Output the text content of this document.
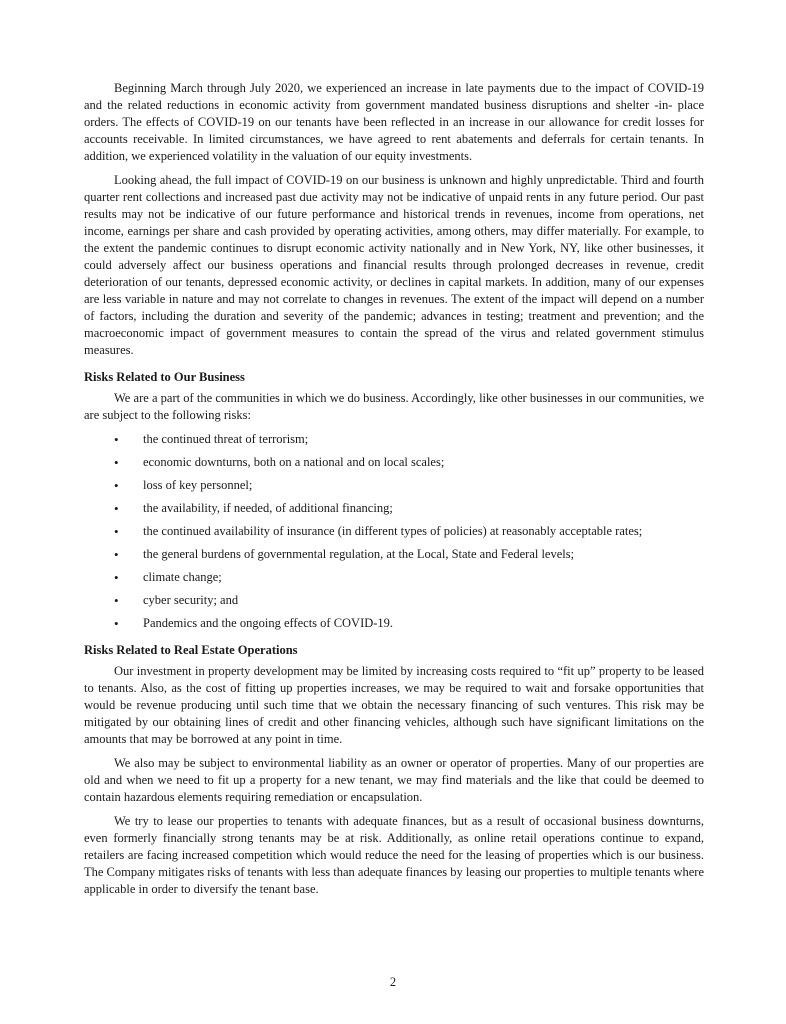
Beginning March through July 2020, we experienced an increase in late payments due to the impact of COVID-19 and the related reductions in economic activity from government mandated business disruptions and shelter -in- place orders. The effects of COVID-19 on our tenants have been reflected in an increase in our allowance for credit losses for accounts receivable. In limited circumstances, we have agreed to rent abatements and deferrals for certain tenants. In addition, we experienced volatility in the valuation of our equity investments.

Looking ahead, the full impact of COVID-19 on our business is unknown and highly unpredictable. Third and fourth quarter rent collections and increased past due activity may not be indicative of unpaid rents in any future period. Our past results may not be indicative of our future performance and historical trends in revenues, income from operations, net income, earnings per share and cash provided by operating activities, among others, may differ materially. For example, to the extent the pandemic continues to disrupt economic activity nationally and in New York, NY, like other businesses, it could adversely affect our business operations and financial results through prolonged decreases in revenue, credit deterioration of our tenants, depressed economic activity, or declines in capital markets. In addition, many of our expenses are less variable in nature and may not correlate to changes in revenues. The extent of the impact will depend on a number of factors, including the duration and severity of the pandemic; advances in testing; treatment and prevention; and the macroeconomic impact of government measures to contain the spread of the virus and related government stimulus measures.

Risks Related to Our Business

We are a part of the communities in which we do business. Accordingly, like other businesses in our communities, we are subject to the following risks:

• the continued threat of terrorism;
• economic downturns, both on a national and on local scales;
• loss of key personnel;
• the availability, if needed, of additional financing;
• the continued availability of insurance (in different types of policies) at reasonably acceptable rates;
• the general burdens of governmental regulation, at the Local, State and Federal levels;
• climate change;
• cyber security; and
• Pandemics and the ongoing effects of COVID-19.
Risks Related to Real Estate Operations

Our investment in property development may be limited by increasing costs required to “fit up” property to be leased to tenants. Also, as the cost of fitting up properties increases, we may be required to wait and forsake opportunities that would be revenue producing until such time that we obtain the necessary financing of such ventures. This risk may be mitigated by our obtaining lines of credit and other financing vehicles, although such have significant limitations on the amounts that may be borrowed at any point in time.

We also may be subject to environmental liability as an owner or operator of properties. Many of our properties are old and when we need to fit up a property for a new tenant, we may find materials and the like that could be deemed to contain hazardous elements requiring remediation or encapsulation.

We try to lease our properties to tenants with adequate finances, but as a result of occasional business downturns, even formerly financially strong tenants may be at risk. Additionally, as online retail operations continue to expand, retailers are facing increased competition which would reduce the need for the leasing of properties which is our business. The Company mitigates risks of tenants with less than adequate finances by leasing our properties to multiple tenants where applicable in order to diversify the tenant base.

2
